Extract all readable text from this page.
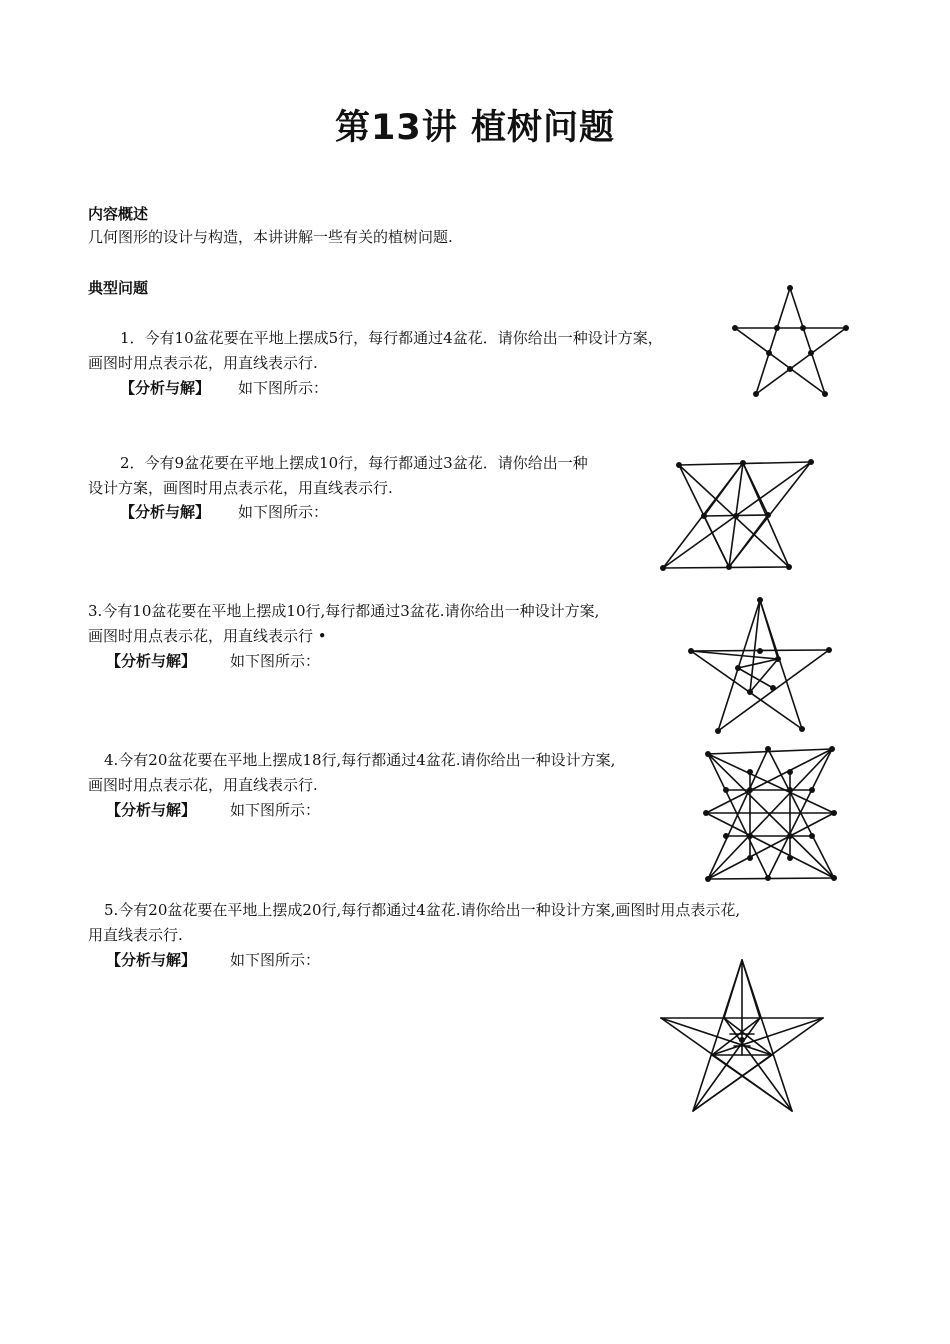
第13讲 植树问题
内容概述
几何图形的设计与构造，本讲讲解一些有关的植树问题.
典型问题
1．今有10盆花要在平地上摆成5行，每行都通过4盆花．请你给出一种设计方案，
画图时用点表示花，用直线表示行.
【分析与解】 如下图所示：
2．今有9盆花要在平地上摆成10行，每行都通过3盆花．请你给出一种
设计方案，画图时用点表示花，用直线表示行.
【分析与解】 如下图所示：
3.今有10盆花要在平地上摆成10行,每行都通过3盆花.请你给出一种设计方案,
画图时用点表示花，用直线表示行 •
【分析与解】 如下图所示：
4.今有20盆花要在平地上摆成18行,每行都通过4盆花.请你给出一种设计方案,
画图时用点表示花，用直线表示行.
【分析与解】 如下图所示：
5.今有20盆花要在平地上摆成20行,每行都通过4盆花.请你给出一种设计方案,画图时用点表示花,
用直线表示行.
【分析与解】 如下图所示：
